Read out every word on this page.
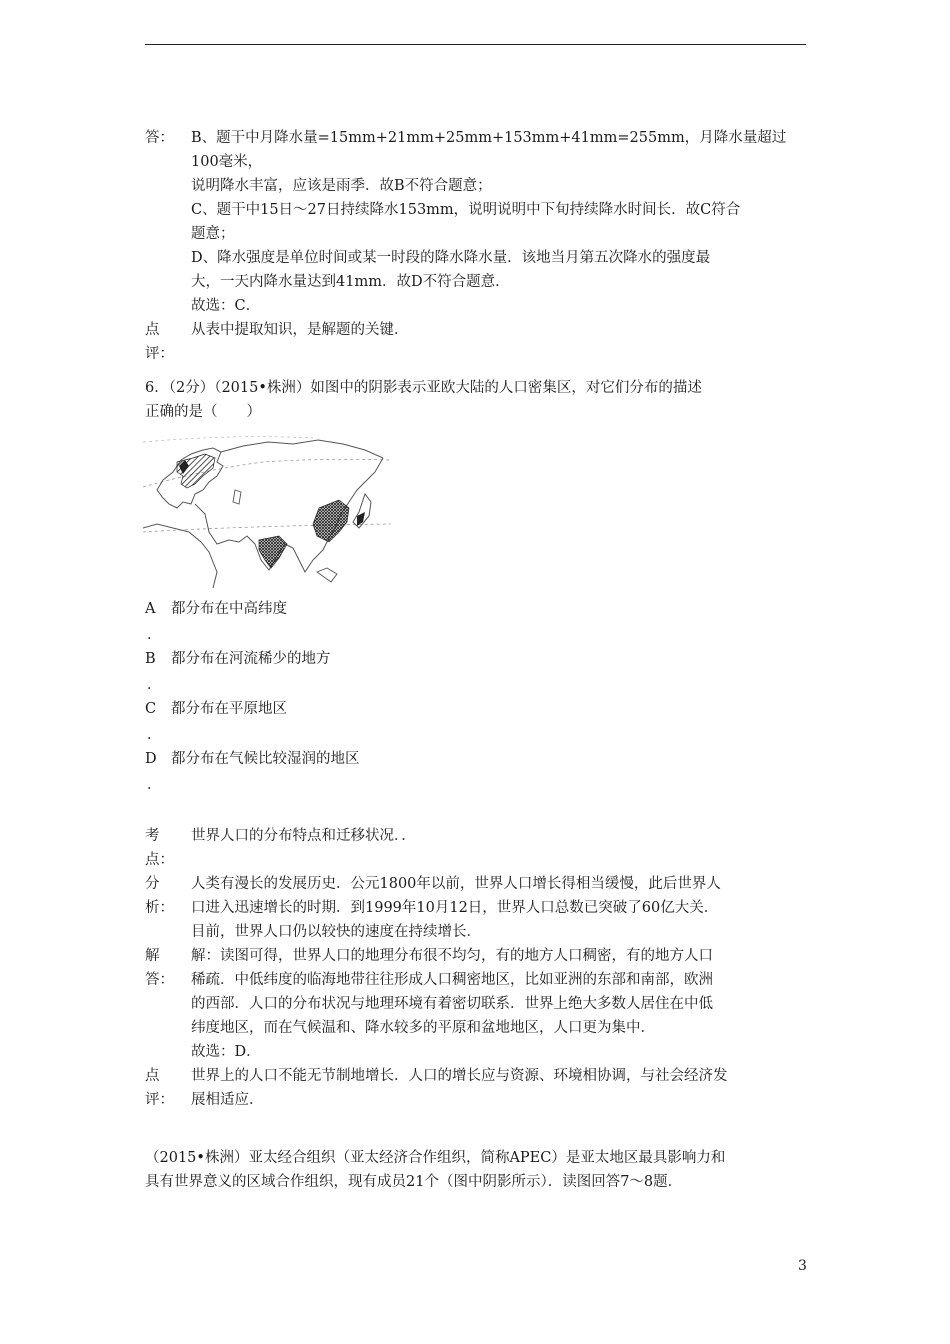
答：	B、题干中月降水量=15mm+21mm+25mm+153mm+41mm=255mm，月降水量超过100毫米，
说明降水丰富，应该是雨季．故B不符合题意；
C、题干中15日～27日持续降水153mm，说明说明中下旬持续降水时间长．故C符合
题意；
D、降水强度是单位时间或某一时段的降水降水量．该地当月第五次降水的强度最
大，一天内降水量达到41mm．故D不符合题意．
故选：C．
点	从表中提取知识，是解题的关键．
评：

6．（2分）（2015•株洲）如图中的阴影表示亚欧大陆的人口密集区，对它们分布的描述
正确的是（　　）
A 都分布在中高纬度
．
B 都分布在河流稀少的地方
．
C 都分布在平原地区
．
D 都分布在气候比较湿润的地区
．
考	世界人口的分布特点和迁移状况．．
点：

分	人类有漫长的发展历史．公元1800年以前，世界人口增长得相当缓慢，此后世界人
析：	口进入迅速增长的时期．到1999年10月12日，世界人口总数已突破了60亿大关．
目前，世界人口仍以较快的速度在持续增长．
解	解：读图可得，世界人口的地理分布很不均匀，有的地方人口稠密，有的地方人口
答：	稀疏．中低纬度的临海地带往往形成人口稠密地区，比如亚洲的东部和南部，欧洲
的西部．人口的分布状况与地理环境有着密切联系．世界上绝大多数人居住在中低
纬度地区，而在气候温和、降水较多的平原和盆地地区，人口更为集中．
故选：D．
点	世界上的人口不能无节制地增长．人口的增长应与资源、环境相协调，与社会经济发
评：	展相适应．
（2015•株洲）亚太经合组织（亚太经济合作组织，简称APEC）是亚太地区最具影响力和
具有世界意义的区域合作组织，现有成员21个（图中阴影所示）．读图回答7～8题．
3
